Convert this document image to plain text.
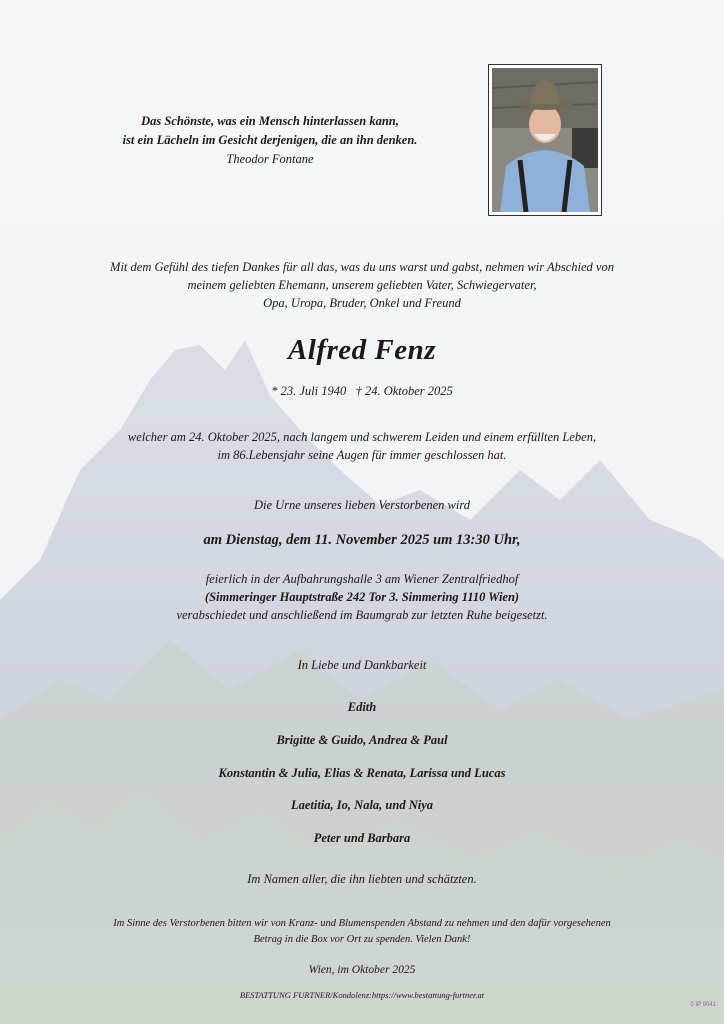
Das Schönste, was ein Mensch hinterlassen kann,
ist ein Lächeln im Gesicht derjenigen, die an ihn denken.
Theodor Fontane
Mit dem Gefühl des tiefen Dankes für all das, was du uns warst und gabst, nehmen wir Abschied von
meinem geliebten Ehemann, unserem geliebten Vater, Schwiegervater,
Opa, Uropa, Bruder, Onkel und Freund
Alfred Fenz
* 23. Juli 1940   † 24. Oktober 2025
welcher am 24. Oktober 2025, nach langem und schwerem Leiden und einem erfüllten Leben,
im 86.Lebensjahr seine Augen für immer geschlossen hat.
Die Urne unseres lieben Verstorbenen wird
am Dienstag, dem 11. November 2025 um 13:30 Uhr,
feierlich in der Aufbahrungshalle 3 am Wiener Zentralfriedhof
(Simmeringer Hauptstraße 242 Tor 3. Simmering 1110 Wien)
verabschiedet und anschließend im Baumgrab zur letzten Ruhe beigesetzt.
In Liebe und Dankbarkeit
Edith
Brigitte & Guido, Andrea & Paul
Konstantin & Julia, Elias & Renata, Larissa und Lucas
Laetitia, Io, Nala, und Niya
Peter und Barbara
Im Namen aller, die ihn liebten und schätzten.
Im Sinne des Verstorbenen bitten wir von Kranz- und Blumenspenden Abstand zu nehmen und den dafür vorgesehenen
Betrag in die Box vor Ort zu spenden. Vielen Dank!
Wien, im Oktober 2025
BESTATTUNG FURTNER/Kondolenz:https://www.bestattung-furtner.at
0 IP 9041
